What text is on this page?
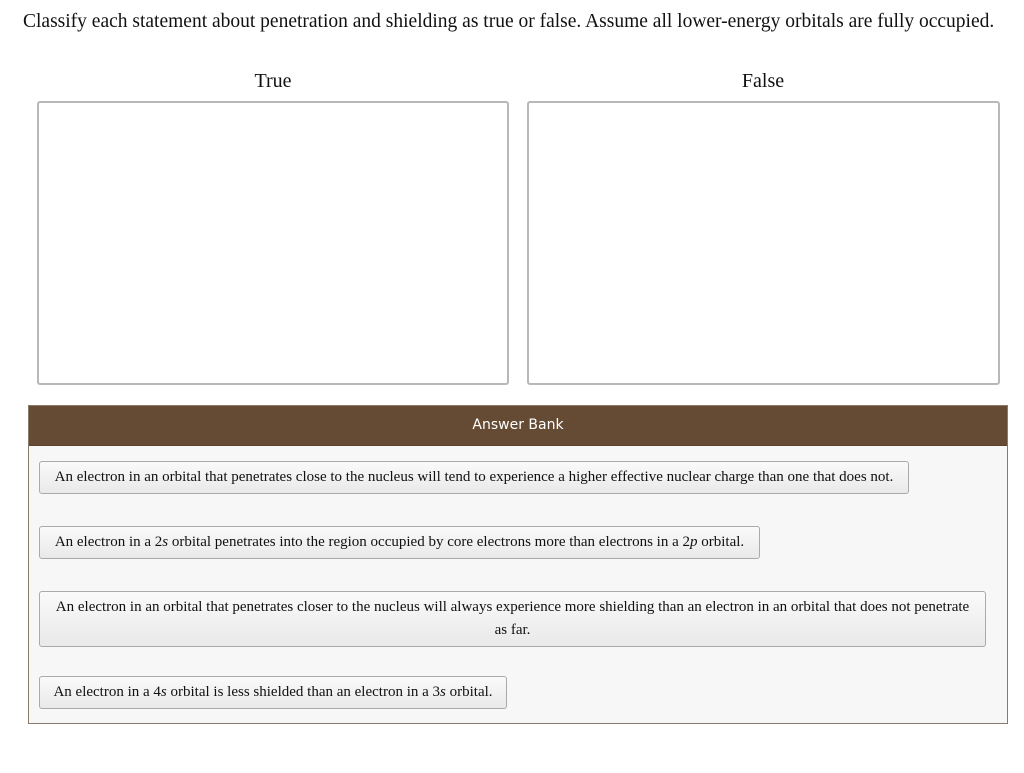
Classify each statement about penetration and shielding as true or false. Assume all lower-energy orbitals are fully occupied.
True	False
Answer Bank
An electron in an orbital that penetrates close to the nucleus will tend to experience a higher effective nuclear charge than one that does not.
An electron in a 2s orbital penetrates into the region occupied by core electrons more than electrons in a 2p orbital.
An electron in an orbital that penetrates closer to the nucleus will always experience more shielding than an electron in an orbital that does not penetrate as far.
An electron in a 4s orbital is less shielded than an electron in a 3s orbital.
